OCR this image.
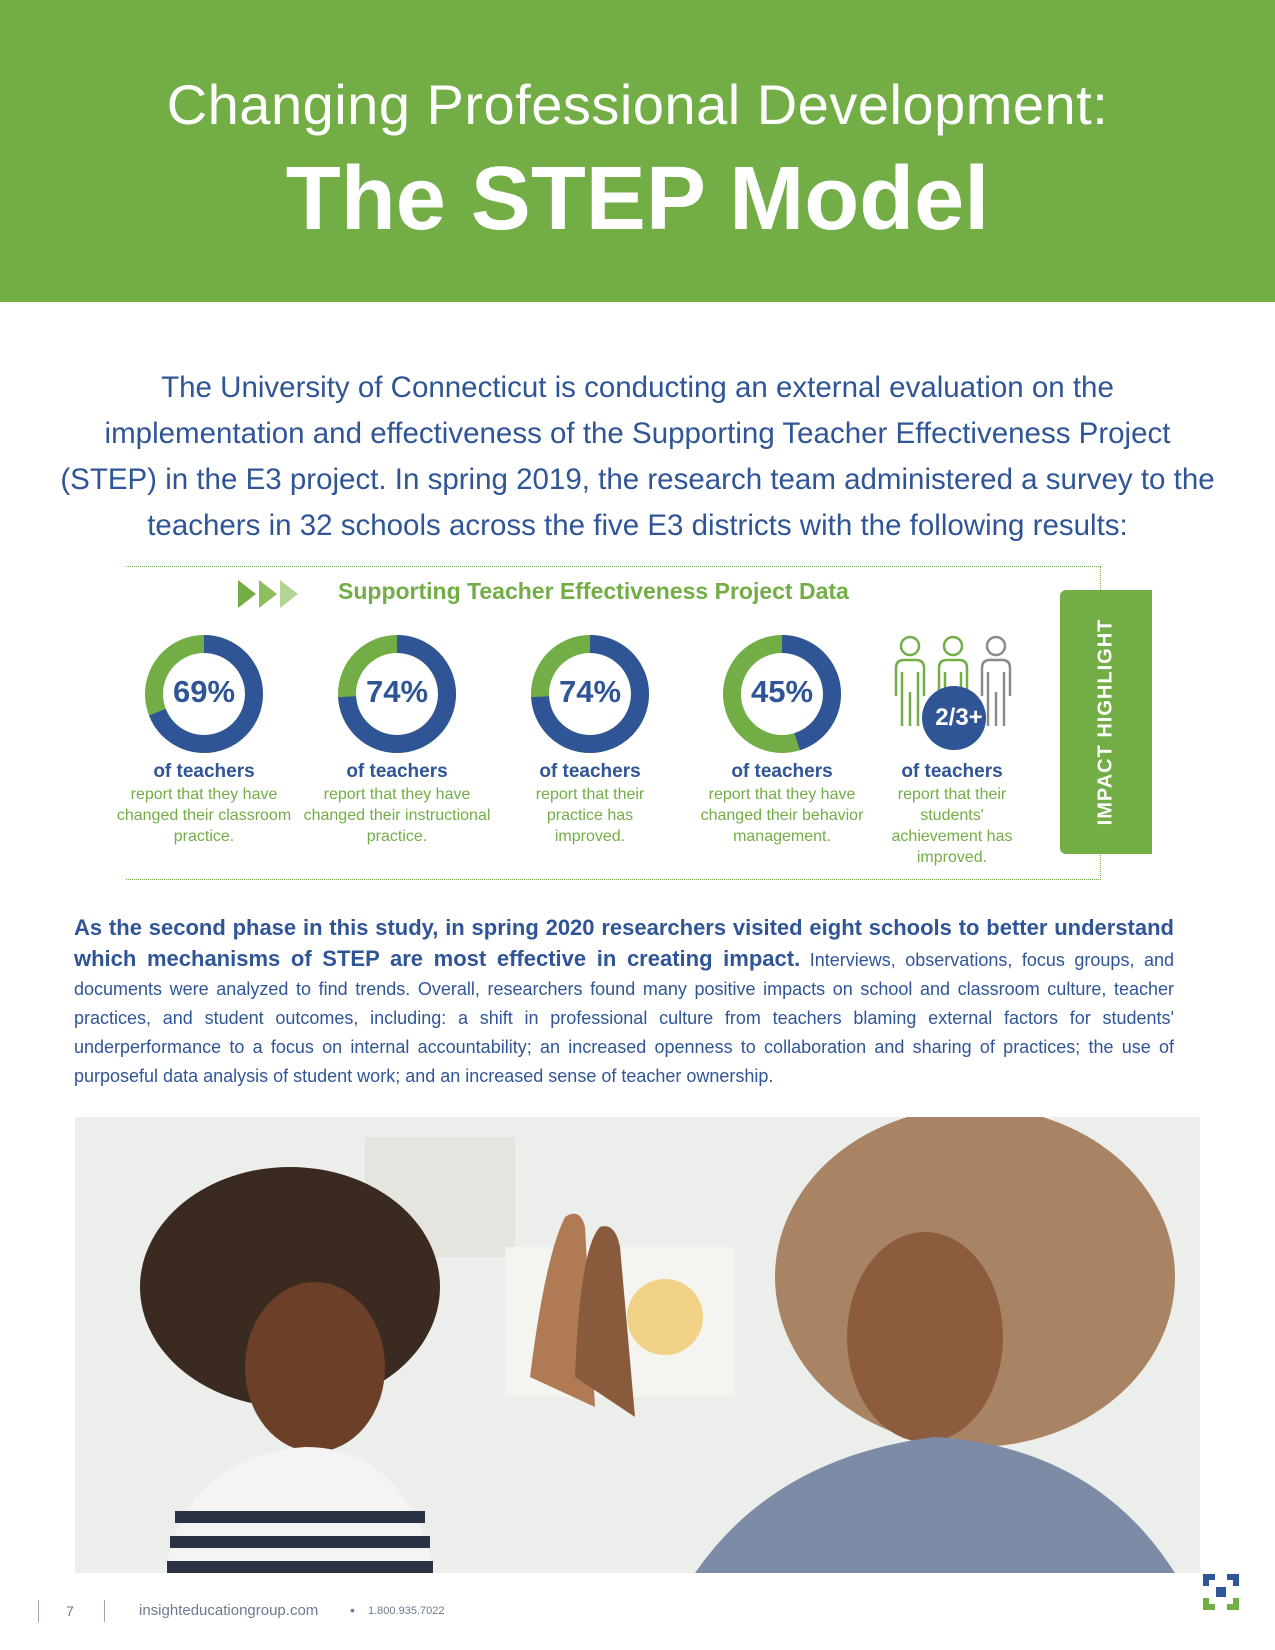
Changing Professional Development:
The STEP Model
The University of Connecticut is conducting an external evaluation on the implementation and effectiveness of the Supporting Teacher Effectiveness Project (STEP) in the E3 project. In spring 2019, the research team administered a survey to the teachers in 32 schools across the five E3 districts with the following results:
Supporting Teacher Effectiveness Project Data
69%
of teachers
report that they have changed their classroom practice.
74%
of teachers
report that they have changed their instructional practice.
74%
of teachers
report that their practice has improved.
45%
of teachers
report that they have changed their behavior management.
2/3+
of teachers
report that their students' achievement has improved.
IMPACT HIGHLIGHT
As the second phase in this study, in spring 2020 researchers visited eight schools to better understand which mechanisms of STEP are most effective in creating impact. Interviews, observations, focus groups, and documents were analyzed to find trends. Overall, researchers found many positive impacts on school and classroom culture, teacher practices, and student outcomes, including: a shift in professional culture from teachers blaming external factors for students' underperformance to a focus on internal accountability; an increased openness to collaboration and sharing of practices; the use of purposeful data analysis of student work; and an increased sense of teacher ownership.
7	insighteducationgroup.com • 1.800.935.7022
